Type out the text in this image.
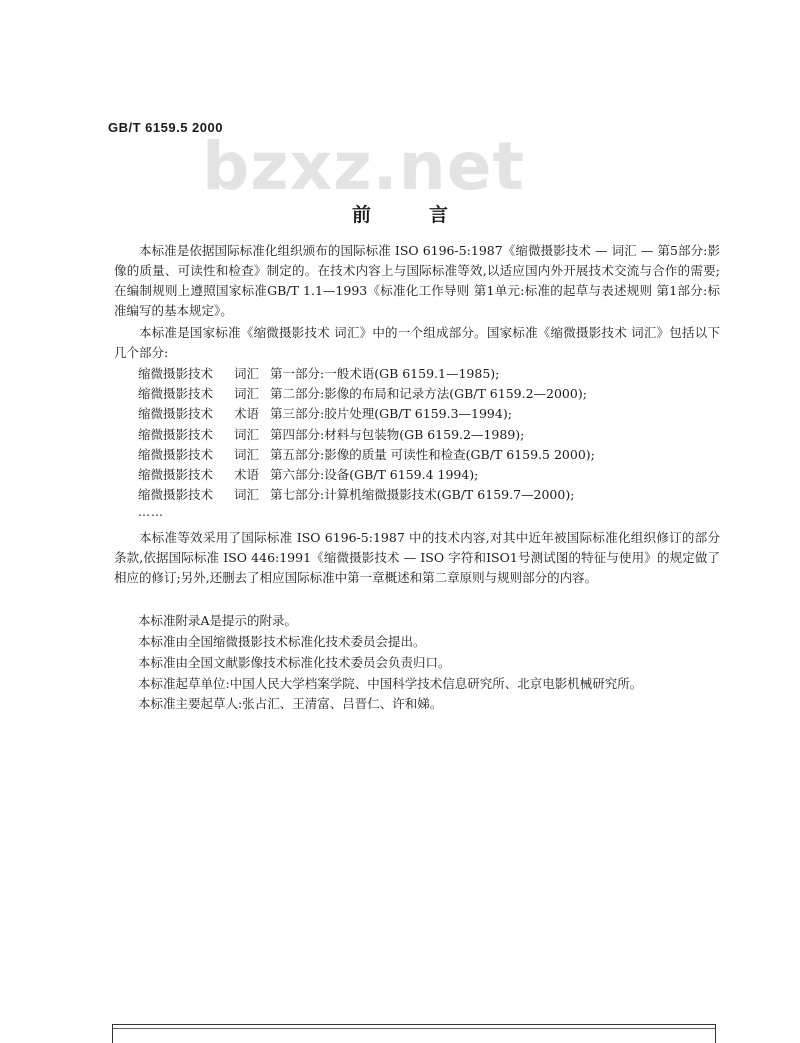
GB/T 6159.5 2000
bzxz.net
前言
本标准是依据国际标准化组织颁布的国际标准 ISO 6196-5:1987《缩微摄影技术 — 词汇 — 第5部分:影像的质量、可读性和检查》制定的。在技术内容上与国际标准等效,以适应国内外开展技术交流与合作的需要;在编制规则上遵照国家标准GB/T 1.1—1993《标准化工作导则 第1单元:标准的起草与表述规则 第1部分:标准编写的基本规定》。
本标准是国家标准《缩微摄影技术 词汇》中的一个组成部分。国家标准《缩微摄影技术 词汇》包括以下几个部分:
缩微摄影技术	词汇 第一部分:一般术语(GB 6159.1—1985);
缩微摄影技术	词汇 第二部分:影像的布局和记录方法(GB/T 6159.2—2000);
缩微摄影技术	术语 第三部分:胶片处理(GB/T 6159.3—1994);
缩微摄影技术	词汇 第四部分:材料与包装物(GB 6159.2—1989);
缩微摄影技术	词汇 第五部分:影像的质量 可读性和检查(GB/T 6159.5 2000);
缩微摄影技术	术语 第六部分:设备(GB/T 6159.4 1994);
缩微摄影技术	词汇 第七部分:计算机缩微摄影技术(GB/T 6159.7—2000);
……
本标准等效采用了国际标准 ISO 6196-5:1987 中的技术内容,对其中近年被国际标准化组织修订的部分条款,依据国际标准 ISO 446:1991《缩微摄影技术 — ISO 字符和ISO1号测试图的特征与使用》的规定做了相应的修订;另外,还删去了相应国际标准中第一章概述和第二章原则与规则部分的内容。
本标准附录A是提示的附录。
本标准由全国缩微摄影技术标准化技术委员会提出。
本标准由全国文献影像技术标准化技术委员会负责归口。
本标准起草单位:中国人民大学档案学院、中国科学技术信息研究所、北京电影机械研究所。
本标准主要起草人:张占汇、王清富、吕晋仁、许和娣。
